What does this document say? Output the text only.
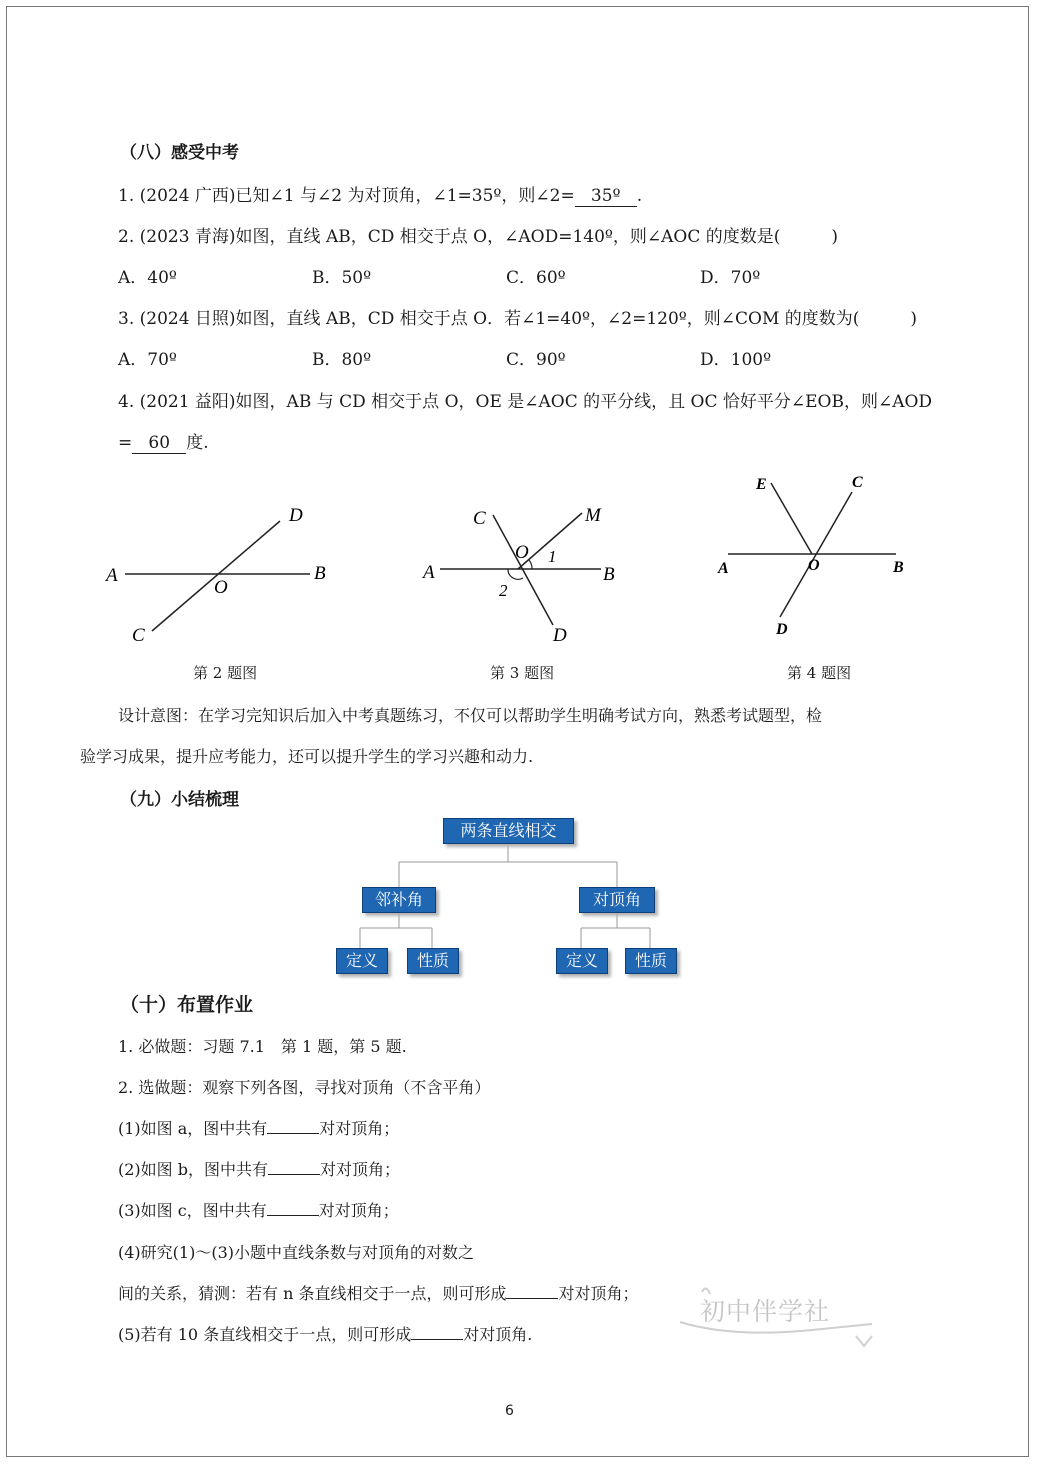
（八）感受中考
1. (2024 广西)已知∠1 与∠2 为对顶角，∠1=35º，则∠2= 35º .
2. (2023 青海)如图，直线 AB，CD 相交于点 O，∠AOD=140º，则∠AOC 的度数是(　　　)
A．40º	B．50º	C．60º	D．70º
3. (2024 日照)如图，直线 AB，CD 相交于点 O．若∠1=40º，∠2=120º，则∠COM 的度数为(　　　)
A．70º	B．80º	C．90º	D．100º
4. (2021 益阳)如图，AB 与 CD 相交于点 O，OE 是∠AOC 的平分线，且 OC 恰好平分∠EOB，则∠AOD
= 60 度.
A	B
C
D
O
第 2 题图
A	B
C
D
M
O 1
2
第 3 题图
A	B
C
D
E
O
第 4 题图
设计意图：在学习完知识后加入中考真题练习，不仅可以帮助学生明确考试方向，熟悉考试题型，检
验学习成果，提升应考能力，还可以提升学生的学习兴趣和动力.
（九）小结梳理
两条直线相交
邻补角	对顶角
定义	性质	定义	性质
（十）布置作业
1. 必做题：习题 7.1　第 1 题，第 5 题.
2. 选做题：观察下列各图，寻找对顶角（不含平角）
(1)如图 a，图中共有	对对顶角；
(2)如图 b，图中共有	对对顶角；
(3)如图 c，图中共有	对对顶角；
(4)研究(1)～(3)小题中直线条数与对顶角的对数之
间的关系，猜测：若有 n 条直线相交于一点，则可形成	对对顶角；
(5)若有 10 条直线相交于一点，则可形成	对对顶角.
初中伴学社
6
